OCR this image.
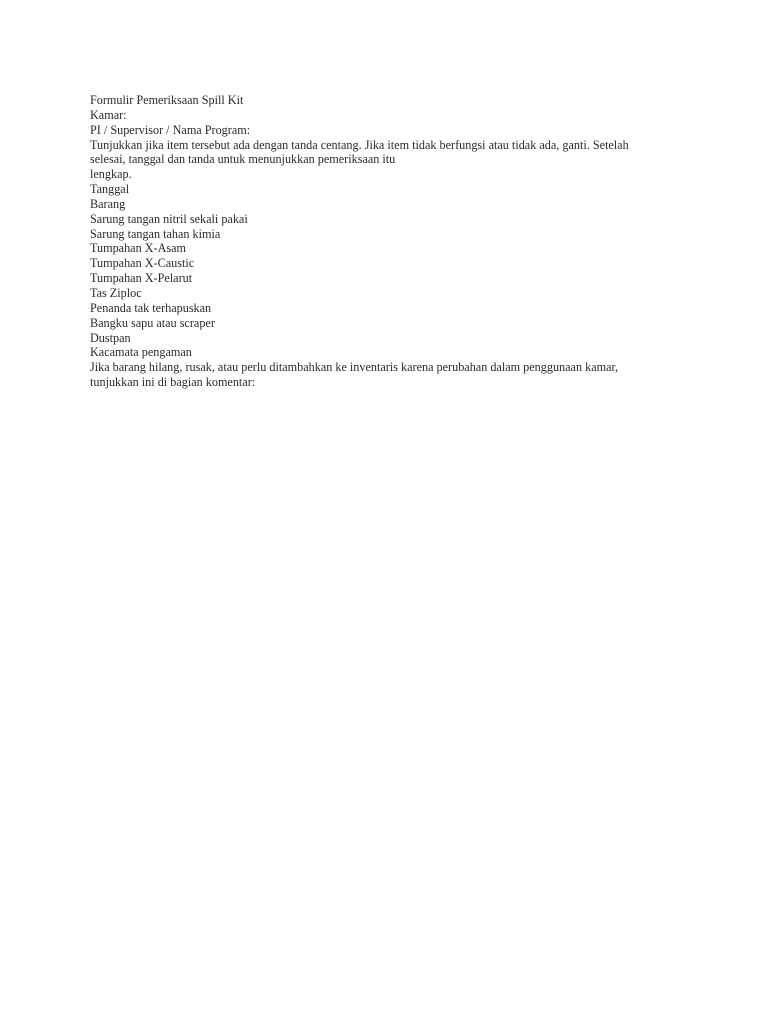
Formulir Pemeriksaan Spill Kit
Kamar:
PI / Supervisor / Nama Program:
Tunjukkan jika item tersebut ada dengan tanda centang. Jika item tidak berfungsi atau tidak ada, ganti. Setelah
selesai, tanggal dan tanda untuk menunjukkan pemeriksaan itu
lengkap.
Tanggal
Barang
Sarung tangan nitril sekali pakai
Sarung tangan tahan kimia
Tumpahan X-Asam
Tumpahan X-Caustic
Tumpahan X-Pelarut
Tas Ziploc
Penanda tak terhapuskan
Bangku sapu atau scraper
Dustpan
Kacamata pengaman
Jika barang hilang, rusak, atau perlu ditambahkan ke inventaris karena perubahan dalam penggunaan kamar,
tunjukkan ini di bagian komentar:
